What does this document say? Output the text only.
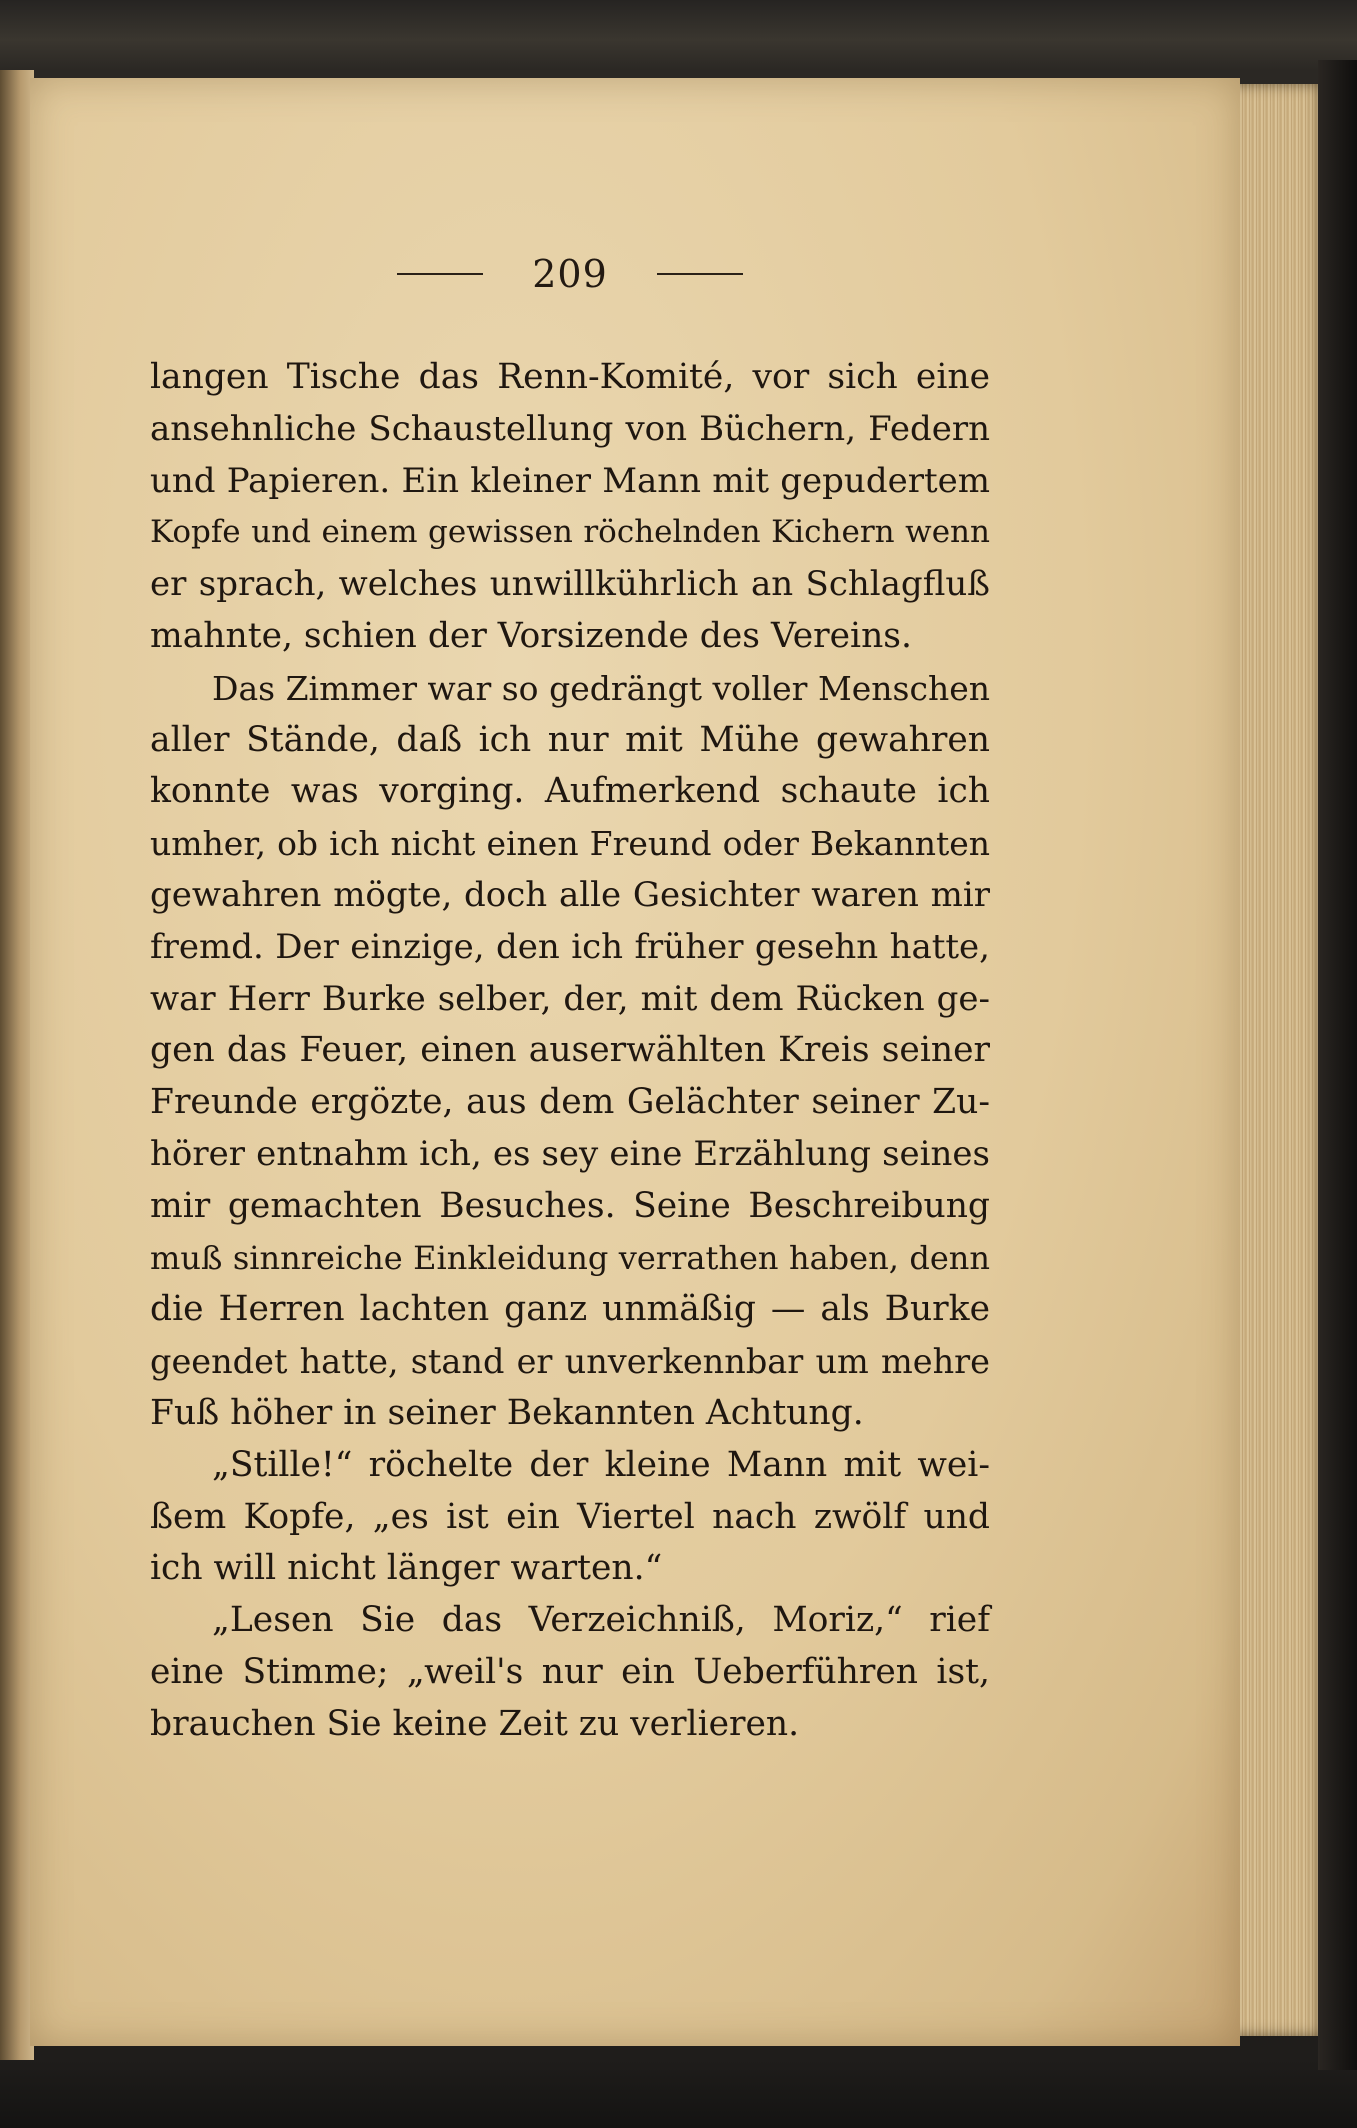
209
langen Tische das Renn-Komité, vor sich eine
ansehnliche Schaustellung von Büchern, Federn
und Papieren. Ein kleiner Mann mit gepudertem
Kopfe und einem gewissen röchelnden Kichern wenn
er sprach, welches unwillkührlich an Schlagfluß
mahnte, schien der Vorsizende des Vereins.
Das Zimmer war so gedrängt voller Menschen
aller Stände, daß ich nur mit Mühe gewahren
konnte was vorging. Aufmerkend schaute ich
umher, ob ich nicht einen Freund oder Bekannten
gewahren mögte, doch alle Gesichter waren mir
fremd. Der einzige, den ich früher gesehn hatte,
war Herr Burke selber, der, mit dem Rücken ge-
gen das Feuer, einen auserwählten Kreis seiner
Freunde ergözte, aus dem Gelächter seiner Zu-
hörer entnahm ich, es sey eine Erzählung seines
mir gemachten Besuches. Seine Beschreibung
muß sinnreiche Einkleidung verrathen haben, denn
die Herren lachten ganz unmäßig — als Burke
geendet hatte, stand er unverkennbar um mehre
Fuß höher in seiner Bekannten Achtung.
„Stille!“ röchelte der kleine Mann mit wei-
ßem Kopfe, „es ist ein Viertel nach zwölf und
ich will nicht länger warten.“
„Lesen Sie das Verzeichniß, Moriz,“ rief
eine Stimme; „weil's nur ein Ueberführen ist,
brauchen Sie keine Zeit zu verlieren.
